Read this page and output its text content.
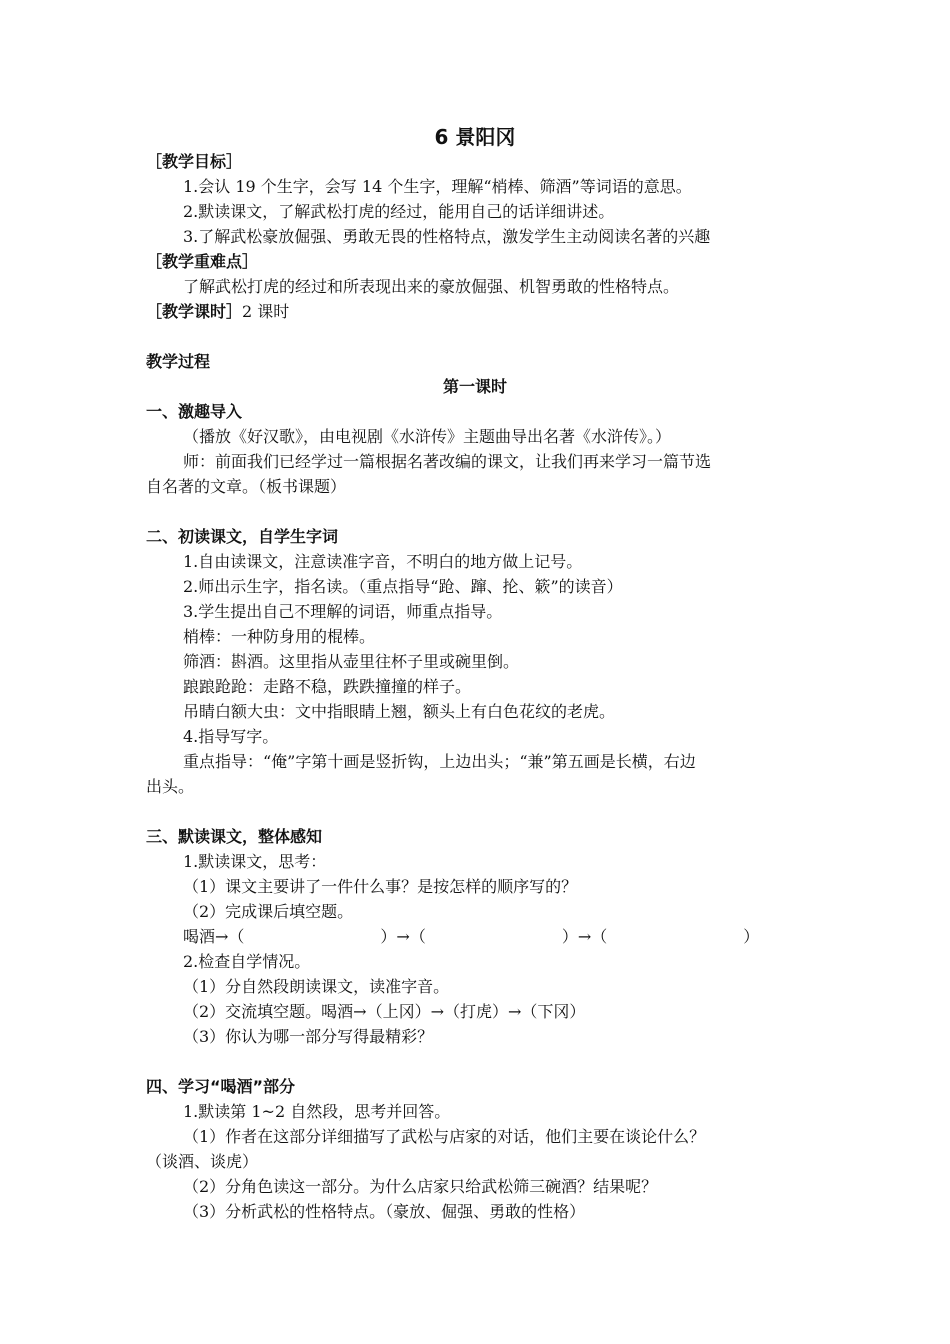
6 景阳冈
［教学目标］
1.会认 19 个生字，会写 14 个生字，理解“梢棒、筛酒”等词语的意思。
2.默读课文，了解武松打虎的经过，能用自己的话详细讲述。
3.了解武松豪放倔强、勇敢无畏的性格特点，激发学生主动阅读名著的兴趣
［教学重难点］
了解武松打虎的经过和所表现出来的豪放倔强、机智勇敢的性格特点。
［教学课时］2 课时
教学过程
第一课时
一、激趣导入
（播放《好汉歌》，由电视剧《水浒传》主题曲导出名著《水浒传》。）
师：前面我们已经学过一篇根据名著改编的课文，让我们再来学习一篇节选
自名著的文章。（板书课题）
二、初读课文，自学生字词
1.自由读课文，注意读准字音，不明白的地方做上记号。
2.师出示生字，指名读。（重点指导“跄、蹿、抡、簌”的读音）
3.学生提出自己不理解的词语，师重点指导。
梢棒：一种防身用的棍棒。
筛酒：斟酒。这里指从壶里往杯子里或碗里倒。
踉踉跄跄：走路不稳，跌跌撞撞的样子。
吊睛白额大虫：文中指眼睛上翘，额头上有白色花纹的老虎。
4.指导写字。
重点指导：“俺”字第十画是竖折钩，上边出头；“兼”第五画是长横，右边
出头。
三、默读课文，整体感知
1.默读课文，思考：
（1）课文主要讲了一件什么事？是按怎样的顺序写的？
（2）完成课后填空题。
喝酒→（	）→（	）→（	）
2.检查自学情况。
（1）分自然段朗读课文，读准字音。
（2）交流填空题。喝酒→（上冈）→（打虎）→（下冈）
（3）你认为哪一部分写得最精彩？
四、学习“喝酒”部分
1.默读第 1~2 自然段，思考并回答。
（1）作者在这部分详细描写了武松与店家的对话，他们主要在谈论什么？
（谈酒、谈虎）
（2）分角色读这一部分。为什么店家只给武松筛三碗酒？结果呢？
（3）分析武松的性格特点。（豪放、倔强、勇敢的性格）
